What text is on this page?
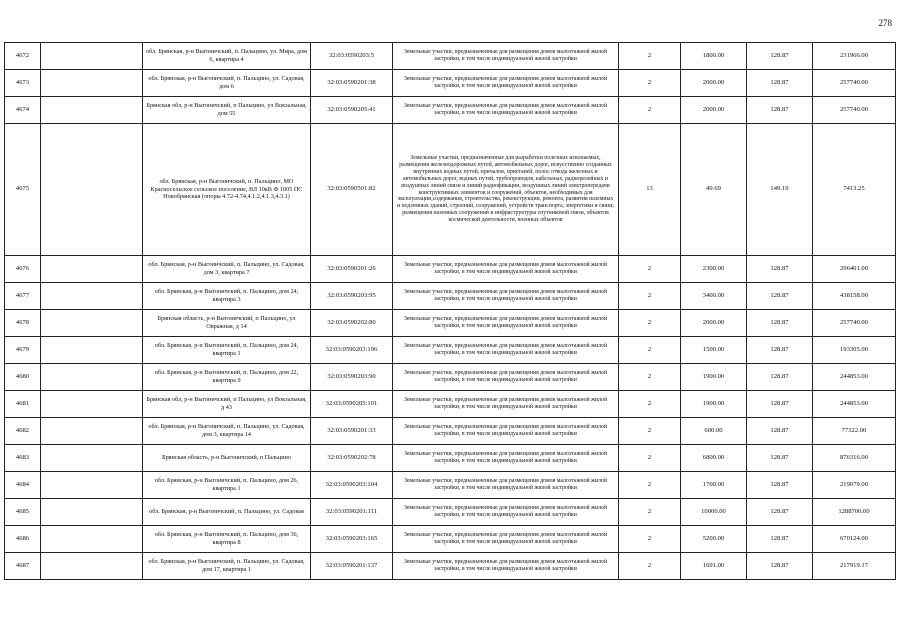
278
4672		обл. Брянская, р-н Выгоничский, п. Пальцино, ул. Мира, дом 6, квартира 4	32:03:0590203:5	Земельные участки, предназначенные для размещения домов малоэтажной жилой застройки, в том числе индивидуальной жилой застройки	2	1800.00	128.87	231966.00
4673		обл. Брянская, р-н Выгоничский, п. Пальцино, ул. Садовая, дом 6	32:03:0590201:38	Земельные участки, предназначенные для размещения домов малоэтажной жилой застройки, в том числе индивидуальной жилой застройки	2	2000.00	128.87	257740.00
4674		Брянская обл, р-н Выгоничский, п Пальцино, ул Вокзальная, дом 55	32:03:0590205:41	Земельные участки, предназначенные для размещения домов малоэтажной жилой застройки, в том числе индивидуальной жилой застройки	2	2000.00	128.87	257740.00
4675		обл. Брянская, р-н Выгоничский, п. Пальцино, МО Красносельское сельское поселение, ВЛ 10кВ Ф 1005 ПС Новобрянская (опоры 4.72-4.74,4.1.2,4.1.3,4.3.1)	32:03:0590501:82	Земельные участки, предназначенные для разработки полезных ископаемых, размещения железнодорожных путей, автомобильных дорог, искусственно созданных внутренних водных путей, причалов, пристаней, полос отвода железных и автомобильных дорог, водных путей, трубопроводов, кабельных, радиорелейных и воздушных линий связи и линий радиофикации, воздушных линий электропередачи конструктивных элементов и сооружений, объектов, необходимых для эксплуатации,содержания, строительства, реконструкции, ремонта, развития наземных и подземных зданий, строений, сооружений, устройств транспорта, энергетики и связи; размещения наземных сооружений и инфраструктуры спутниковой связи, объектов космической деятельности, военных объектов	13	49.69	149.19	7413.25
4676		обл. Брянская, р-н Выгоничский, п. Пальцино, ул. Садовая, дом 3, квартира 7	32:03:0590201:26	Земельные участки, предназначенные для размещения домов малоэтажной жилой застройки, в том числе индивидуальной жилой застройки	2	2300.00	128.87	296401.00
4677		обл. Брянская, р-н Выгоничский, п. Пальцино, дом 24, квартира 3	32:03:0590203:95	Земельные участки, предназначенные для размещения домов малоэтажной жилой застройки, в том числе индивидуальной жилой застройки	2	3400.00	128.87	438158.00
4678		Брянская область, р-н Выгоничский, п Пальцино, ул Овражная, д 14	32:03:0590202:80	Земельные участки, предназначенные для размещения домов малоэтажной жилой застройки, в том числе индивидуальной жилой застройки	2	2000.00	128.87	257740.00
4679		обл. Брянская, р-н Выгоничский, п. Пальцино, дом 24, квартира 1	32:03:0590203:196	Земельные участки, предназначенные для размещения домов малоэтажной жилой застройки, в том числе индивидуальной жилой застройки	2	1500.00	128.87	193305.00
4680		обл. Брянская, р-н Выгоничский, п. Пальцино, дом 22, квартира 9	32:03:0590203:90	Земельные участки, предназначенные для размещения домов малоэтажной жилой застройки, в том числе индивидуальной жилой застройки	2	1900.00	128.87	244853.00
4681		Брянская обл, р-н Выгоничский, п Пальцино, ул Вокзальная, д 43	32:03:0590205:101	Земельные участки, предназначенные для размещения домов малоэтажной жилой застройки, в том числе индивидуальной жилой застройки	2	1900.00	128.87	244853.00
4682		обл. Брянская, р-н Выгоничский, п. Пальцино, ул. Садовая, дом 3, квартира 14	32:03:0590201:33	Земельные участки, предназначенные для размещения домов малоэтажной жилой застройки, в том числе индивидуальной жилой застройки	2	600.00	128.87	77322.00
4683		Брянская область, р-н Выгоничский, п Пальцино	32:03:0590202:78	Земельные участки, предназначенные для размещения домов малоэтажной жилой застройки, в том числе индивидуальной жилой застройки	2	6800.00	128.87	876316.00
4684		обл. Брянская, р-н Выгоничский, п. Пальцино, дом 26, квартира 1	32:03:0590203:104	Земельные участки, предназначенные для размещения домов малоэтажной жилой застройки, в том числе индивидуальной жилой застройки	2	1700.00	128.87	219079.00
4685		обл. Брянская, р-н Выгоничский, п. Пальцино, ул. Садовая	32:03:0590201:111	Земельные участки, предназначенные для размещения домов малоэтажной жилой застройки, в том числе индивидуальной жилой застройки	2	10000.00	128.87	1288700.00
4686		обл. Брянская, р-н Выгоничский, п. Пальцино, дом 36, квартира 8	32:03:0590203:165	Земельные участки, предназначенные для размещения домов малоэтажной жилой застройки, в том числе индивидуальной жилой застройки	2	5200.00	128.87	670124.00
4687		обл. Брянская, р-н Выгоничский, п. Пальцино, ул. Садовая, дом 17, квартира 1	32:03:0590201:137	Земельные участки, предназначенные для размещения домов малоэтажной жилой застройки, в том числе индивидуальной жилой застройки	2	1691.00	128.87	217919.17
